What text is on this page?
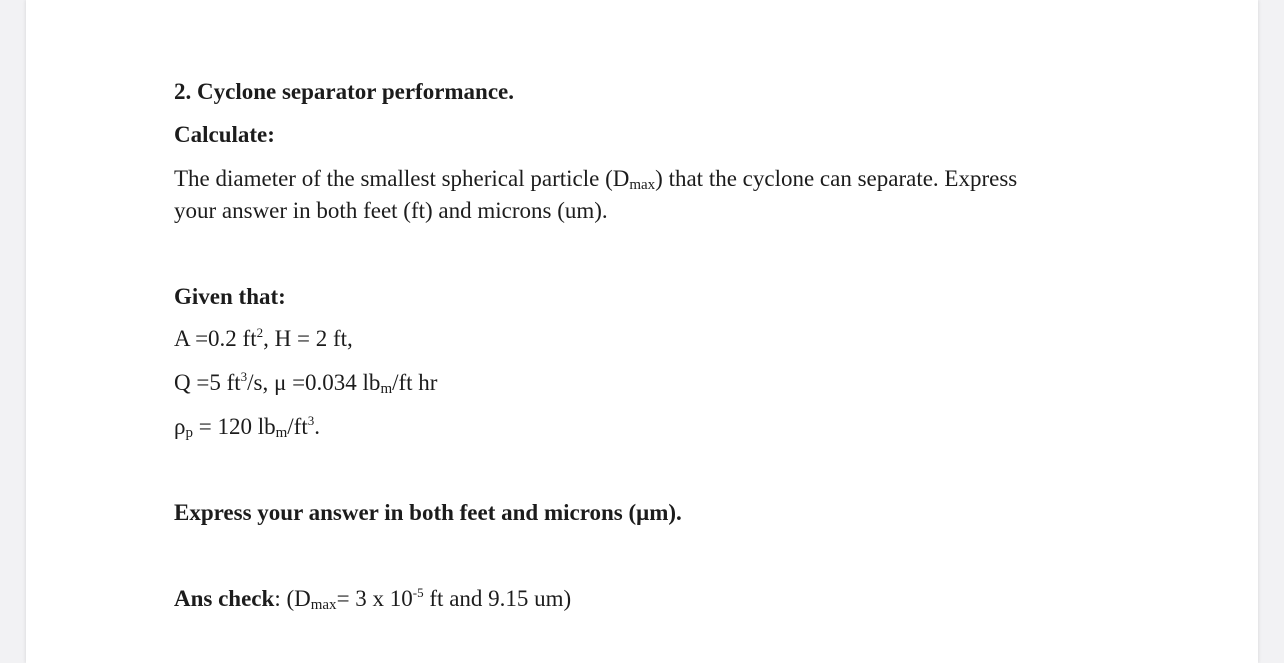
2. Cyclone separator performance.
Calculate:
The diameter of the smallest spherical particle $(D_{max})$ that the cyclone can separate. Express
your answer in both feet (ft) and microns (um).
Given that:
A =0.2 $ft^2$, H = 2 ft,
Q =5 $ft^3/s$, μ =0.034 $lb_m/ft$ hr
$\rho_p = 120$ $lb_m/ft^3$.
Express your answer in both feet and microns (μm).
Ans check: ($D_{max}= 3$ x $10^{-5}$ ft and 9.15 um)
